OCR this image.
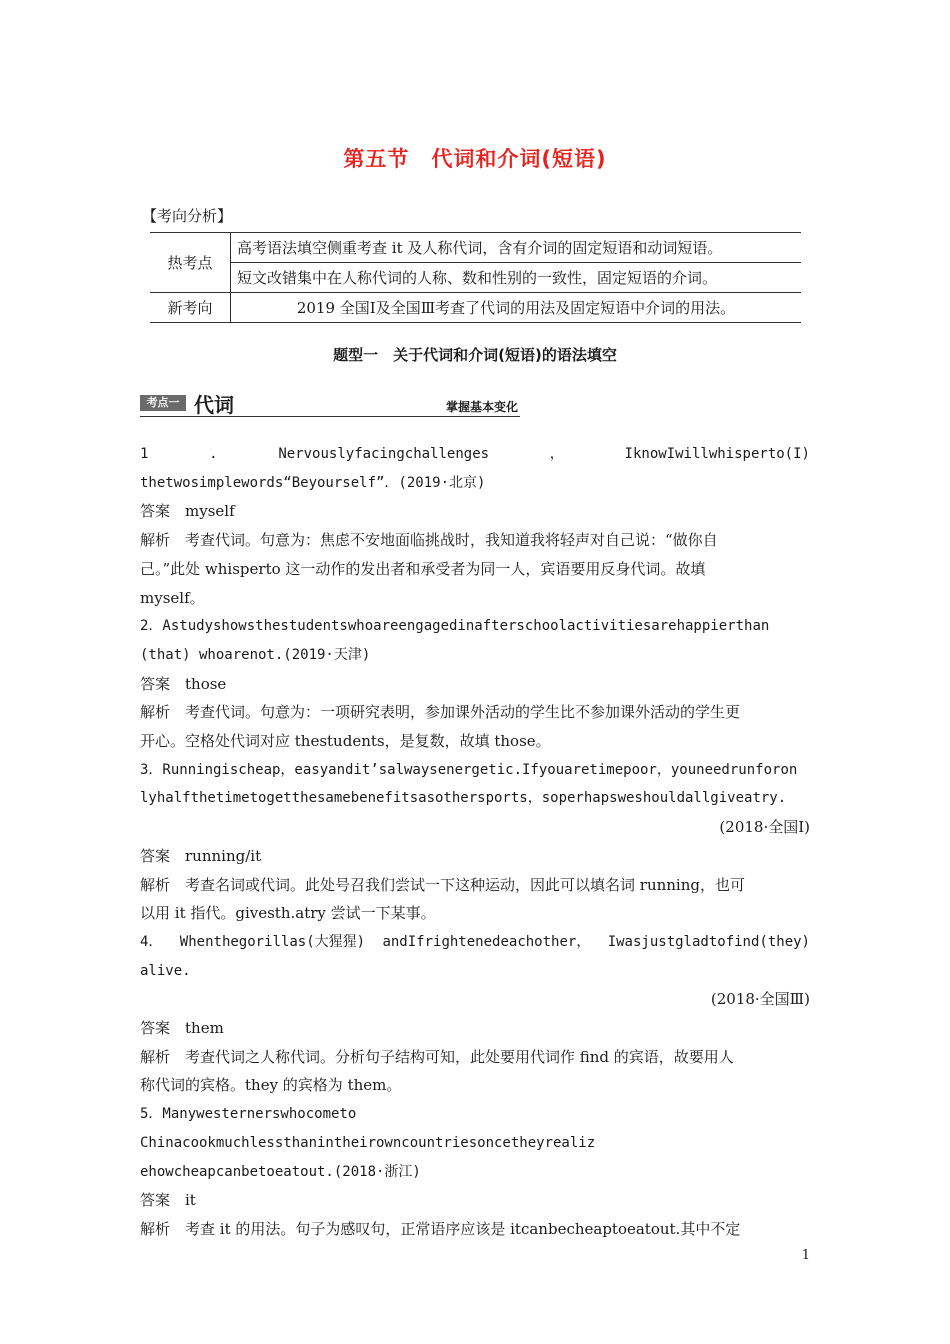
第五节　代词和介词(短语)
【考向分析】
热考点	高考语法填空侧重考查 it 及人称代词，含有介词的固定短语和动词短语。
	短文改错集中在人称代词的人称、数和性别的一致性，固定短语的介词。
新考向	2019 全国Ⅰ及全国Ⅲ考查了代词的用法及固定短语中介词的用法。
题型一　关于代词和介词(短语)的语法填空
考点一 代词	掌握基本变化

1	.	Nervouslyfacingchallenges	，	IknowIwillwhisperto(I)

thetwosimplewords“Beyourself”．(2019·北京)

答案　myself

解析　考查代词。句意为：焦虑不安地面临挑战时，我知道我将轻声对自己说：“做你自

己。”此处 whisperto 这一动作的发出者和承受者为同一人，宾语要用反身代词。故填

myself。

2．Astudyshowsthestudentswhoareengagedinafterschoolactivitiesarehappierthan

(that) whoarenot.(2019·天津)

答案　those

解析　考查代词。句意为：一项研究表明，参加课外活动的学生比不参加课外活动的学生更

开心。空格处代词对应 thestudents，是复数，故填 those。

3．Runningischeap，easyandit’salwaysenergetic.Ifyouaretimepoor，youneedrunforon

lyhalfthetimetogetthesamebenefitsasothersports，soperhapsweshouldallgiveatry.

(2018·全国Ⅰ)

答案　running/it

解析　考查名词或代词。此处号召我们尝试一下这种运动，因此可以填名词 running，也可

以用 it 指代。givesth.atry 尝试一下某事。

4． Whenthegorillas(大猩猩) andIfrightenedeachother， Iwasjustgladtofind(they)

alive.

(2018·全国Ⅲ)

答案　them

解析　考查代词之人称代词。分析句子结构可知，此处要用代词作 find 的宾语，故要用人

称代词的宾格。they 的宾格为 them。

5．Manywesternerswhocometo Chinacookmuchlessthanintheirowncountriesoncetheyrealiz

ehowcheapcanbetoeatout.(2018·浙江)

答案　it

解析　考查 it 的用法。句子为感叹句，正常语序应该是 itcanbecheaptoeatout.其中不定

1
